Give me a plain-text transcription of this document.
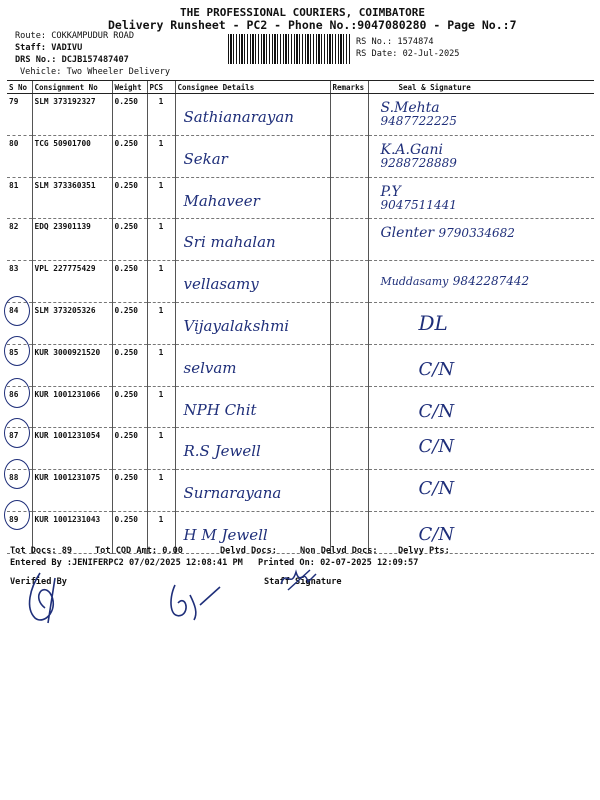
THE PROFESSIONAL COURIERS, COIMBATORE
Delivery Runsheet - PC2 - Phone No.:9047080280 - Page No.:7
Route: COKKAMPUDUR ROAD
Staff: VADIVU
DRS No.: DCJB157487407
Vehicle: Two Wheeler Delivery
RS No.: 1574874
RS Date: 02-Jul-2025
S No	Consignment No	Weight	PCS	Consignee Details	Remarks	Seal & Signature
79	SLM 373192327	0.250	1	Sathianarayan		S.Mehta
9487722225

80	TCG 50901700	0.250	1	Sekar		K.A.Gani
9288728889

81	SLM 373360351	0.250	1	Mahaveer		P.Y
9047511441

82	EDQ 23901139	0.250	1	Sri mahalan		Glenter 9790334682

83	VPL 227775429	0.250	1	vellasamy		Muddasamy 9842287442

84	SLM 373205326	0.250	1	Vijayalakshmi		DL

85	KUR 3000921520	0.250	1	selvam		C/N

86	KUR 1001231066	0.250	1	NPH Chit		C/N

87	KUR 1001231054	0.250	1	R.S Jewell		C/N

88	KUR 1001231075	0.250	1	Surnarayana		C/N

89	KUR 1001231043	0.250	1	H M Jewell		C/N
Tot Docs: 89	Tot COD Amt: 0.00	Delvd Docs:	Non Delvd Docs: Delvy Pts:
Entered By :JENIFERPC2 07/02/2025 12:08:41 PM Printed On: 02-07-2025 12:09:57
Verified By	Staff Signature
